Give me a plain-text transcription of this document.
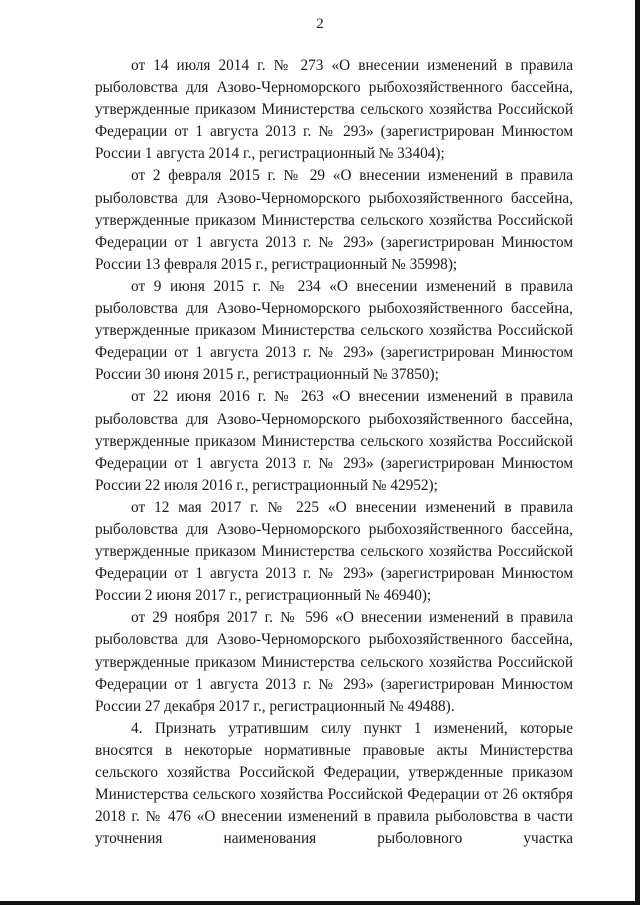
2

от 14 июля 2014 г. № 273 «О внесении изменений в правила рыболовства для Азово-Черноморского рыбохозяйственного бассейна, утвержденные приказом Министерства сельского хозяйства Российской Федерации от 1 августа 2013 г. № 293» (зарегистрирован Минюстом России 1 августа 2014 г., регистрационный № 33404);

от 2 февраля 2015 г. № 29 «О внесении изменений в правила рыболовства для Азово-Черноморского рыбохозяйственного бассейна, утвержденные приказом Министерства сельского хозяйства Российской Федерации от 1 августа 2013 г. № 293» (зарегистрирован Минюстом России 13 февраля 2015 г., регистрационный № 35998);

от 9 июня 2015 г. № 234 «О внесении изменений в правила рыболовства для Азово-Черноморского рыбохозяйственного бассейна, утвержденные приказом Министерства сельского хозяйства Российской Федерации от 1 августа 2013 г. № 293» (зарегистрирован Минюстом России 30 июня 2015 г., регистрационный № 37850);

от 22 июня 2016 г. № 263 «О внесении изменений в правила рыболовства для Азово-Черноморского рыбохозяйственного бассейна, утвержденные приказом Министерства сельского хозяйства Российской Федерации от 1 августа 2013 г. № 293» (зарегистрирован Минюстом России 22 июля 2016 г., регистрационный № 42952);

от 12 мая 2017 г. № 225 «О внесении изменений в правила рыболовства для Азово-Черноморского рыбохозяйственного бассейна, утвержденные приказом Министерства сельского хозяйства Российской Федерации от 1 августа 2013 г. № 293» (зарегистрирован Минюстом России 2 июня 2017 г., регистрационный № 46940);

от 29 ноября 2017 г. № 596 «О внесении изменений в правила рыболовства для Азово-Черноморского рыбохозяйственного бассейна, утвержденные приказом Министерства сельского хозяйства Российской Федерации от 1 августа 2013 г. № 293» (зарегистрирован Минюстом России 27 декабря 2017 г., регистрационный № 49488).

4. Признать утратившим силу пункт 1 изменений, которые вносятся в некоторые нормативные правовые акты Министерства сельского хозяйства Российской Федерации, утвержденные приказом Министерства сельского хозяйства Российской Федерации от 26 октября 2018 г. № 476 «О внесении изменений в правила рыболовства в части уточнения наименования рыболовного участка
